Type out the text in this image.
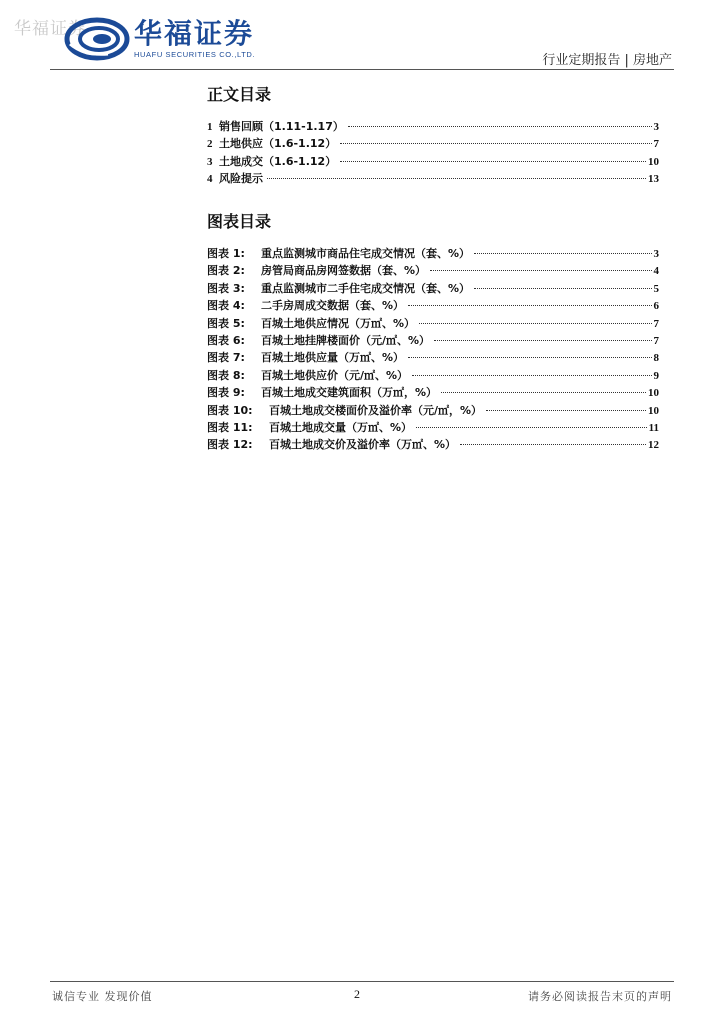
华福证券 华福证券
HUAFU SECURITIES CO.,LTD.	行业定期报告 | 房地产
正文目录
1 销售回顾（1.11-1.17）	3
2 土地供应（1.6-1.12）	7
3 土地成交（1.6-1.12）	10
4 风险提示	13
图表目录
图表 1:	重点监测城市商品住宅成交情况（套、%）	3
图表 2:	房管局商品房网签数据（套、%）	4
图表 3:	重点监测城市二手住宅成交情况（套、%）	5
图表 4:	二手房周成交数据（套、%）	6
图表 5:	百城土地供应情况（万㎡、%）	7
图表 6:	百城土地挂牌楼面价（元/㎡、%）	7
图表 7:	百城土地供应量（万㎡、%）	8
图表 8:	百城土地供应价（元/㎡、%）	9
图表 9:	百城土地成交建筑面积（万㎡，%）	10
图表 10:	百城土地成交楼面价及溢价率（元/㎡，%）	10
图表 11:	百城土地成交量（万㎡、%）	11
图表 12:	百城土地成交价及溢价率（万㎡、%）	12
诚信专业 发现价值	2	请务必阅读报告末页的声明
